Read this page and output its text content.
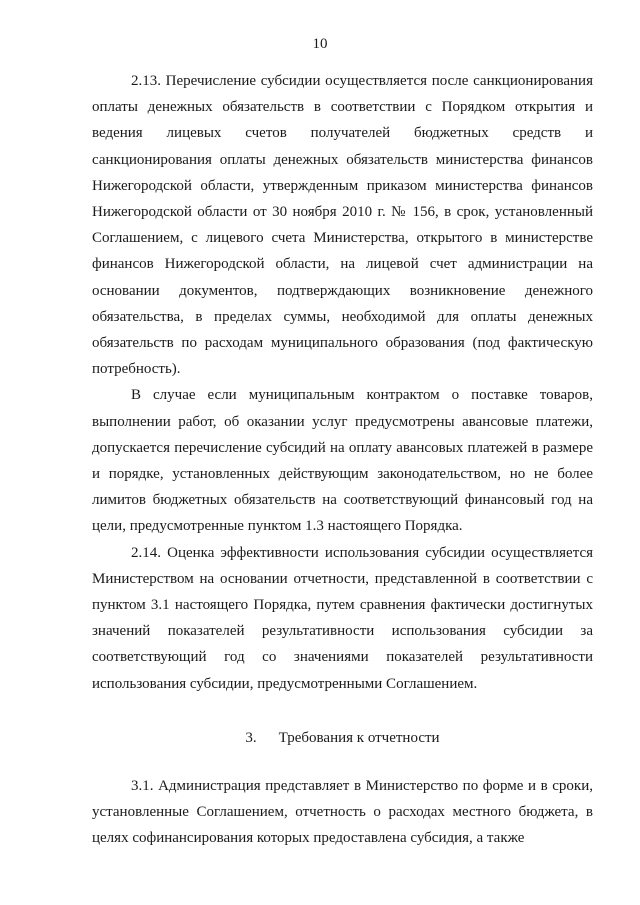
10

2.13. Перечисление субсидии осуществляется после санкционирования оплаты денежных обязательств в соответствии с Порядком открытия и ведения лицевых счетов получателей бюджетных средств и санкционирования оплаты денежных обязательств министерства финансов Нижегородской области, утвержденным приказом министерства финансов Нижегородской области от 30 ноября 2010 г. № 156, в срок, установленный Соглашением, с лицевого счета Министерства, открытого в министерстве финансов Нижегородской области, на лицевой счет администрации на основании документов, подтверждающих возникновение денежного обязательства, в пределах суммы, необходимой для оплаты денежных обязательств по расходам муниципального образования (под фактическую потребность).

В случае если муниципальным контрактом о поставке товаров, выполнении работ, об оказании услуг предусмотрены авансовые платежи, допускается перечисление субсидий на оплату авансовых платежей в размере и порядке, установленных действующим законодательством, но не более лимитов бюджетных обязательств на соответствующий финансовый год на цели, предусмотренные пунктом 1.3 настоящего Порядка.

2.14. Оценка эффективности использования субсидии осуществляется Министерством на основании отчетности, представленной в соответствии с пунктом 3.1 настоящего Порядка, путем сравнения фактически достигнутых значений показателей результативности использования субсидии за соответствующий год со значениями показателей результативности использования субсидии, предусмотренными Соглашением.

3. Требования к отчетности

3.1. Администрация представляет в Министерство по форме и в сроки, установленные Соглашением, отчетность о расходах местного бюджета, в целях софинансирования которых предоставлена субсидия, а также
